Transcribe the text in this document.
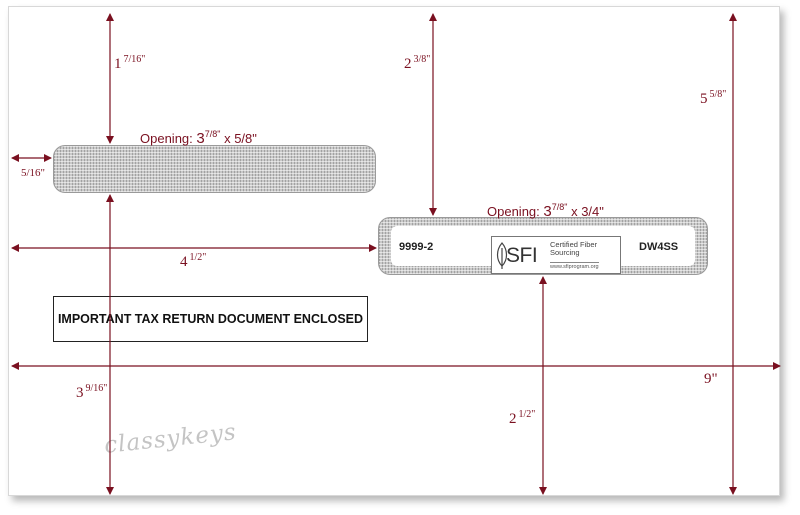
Opening: $3^{7/8"}$ x 5/8"
9999-2	SFI Certified Fiber
Sourcing
www.sfiprogram.org
DW4SS
Opening: $3^{7/8"}$ x 3/4"
IMPORTANT TAX RETURN DOCUMENT ENCLOSED
classykeys
1 $^{7/16"}$
5/16"
2 $^{3/8"}$
4 $^{1/2"}$
5 $^{5/8"}$
9"
3 $^{9/16"}$
2 $^{1/2"}$
